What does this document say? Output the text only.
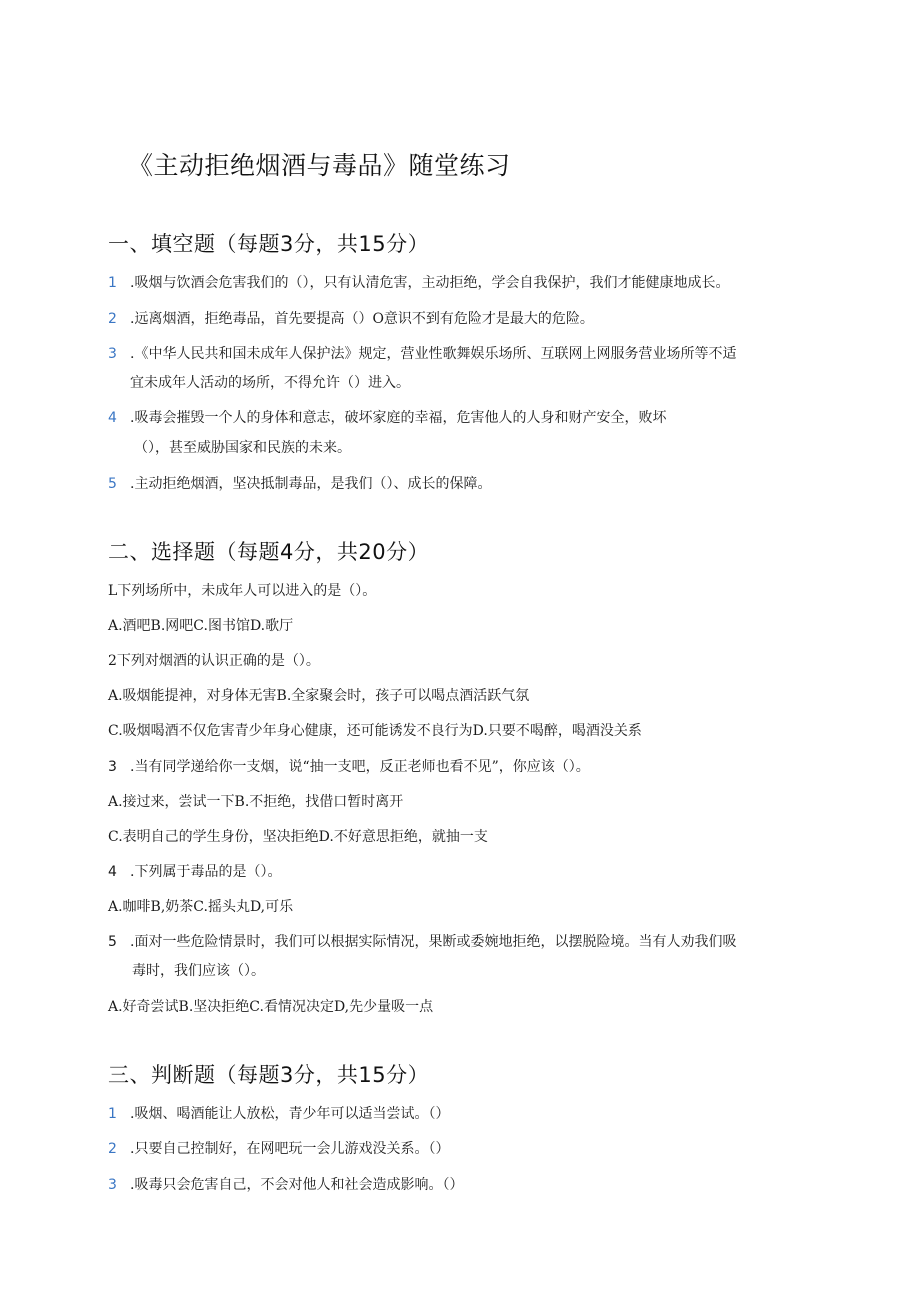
《主动拒绝烟酒与毒品》随堂练习
一、填空题（每题3分，共15分）
1 .吸烟与饮酒会危害我们的（），只有认清危害，主动拒绝，学会自我保护，我们才能健康地成长。
2 .远离烟酒，拒绝毒品，首先要提高（）O意识不到有危险才是最大的危险。
3 .《中华人民共和国未成年人保护法》规定，营业性歌舞娱乐场所、互联网上网服务营业场所等不适
宜未成年人活动的场所，不得允许（）进入。
4 .吸毒会摧毁一个人的身体和意志，破坏家庭的幸福，危害他人的人身和财产安全，败坏
（），甚至威胁国家和民族的未来。
5 .主动拒绝烟酒，坚决抵制毒品，是我们（）、成长的保障。
二、选择题（每题4分，共20分）
L下列场所中，未成年人可以进入的是（）。
A.酒吧B.网吧C.图书馆D.歌厅
2下列对烟酒的认识正确的是（）。
A.吸烟能提神，对身体无害B.全家聚会时，孩子可以喝点酒活跃气氛
C.吸烟喝酒不仅危害青少年身心健康，还可能诱发不良行为D.只要不喝醉，喝酒没关系
3 .当有同学递给你一支烟，说“抽一支吧，反正老师也看不见”，你应该（）。
A.接过来，尝试一下B.不拒绝，找借口暂时离开
C.表明自己的学生身份，坚决拒绝D.不好意思拒绝，就抽一支
4 .下列属于毒品的是（）。
A.咖啡B,奶茶C.摇头丸D,可乐
5 .面对一些危险情景时，我们可以根据实际情况，果断或委婉地拒绝，以摆脱险境。当有人劝我们吸
毒时，我们应该（）。
A.好奇尝试B.坚决拒绝C.看情况决定D,先少量吸一点
三、判断题（每题3分，共15分）
1 .吸烟、喝酒能让人放松，青少年可以适当尝试。（）
2 .只要自己控制好，在网吧玩一会儿游戏没关系。（）
3 .吸毒只会危害自己，不会对他人和社会造成影响。（）
